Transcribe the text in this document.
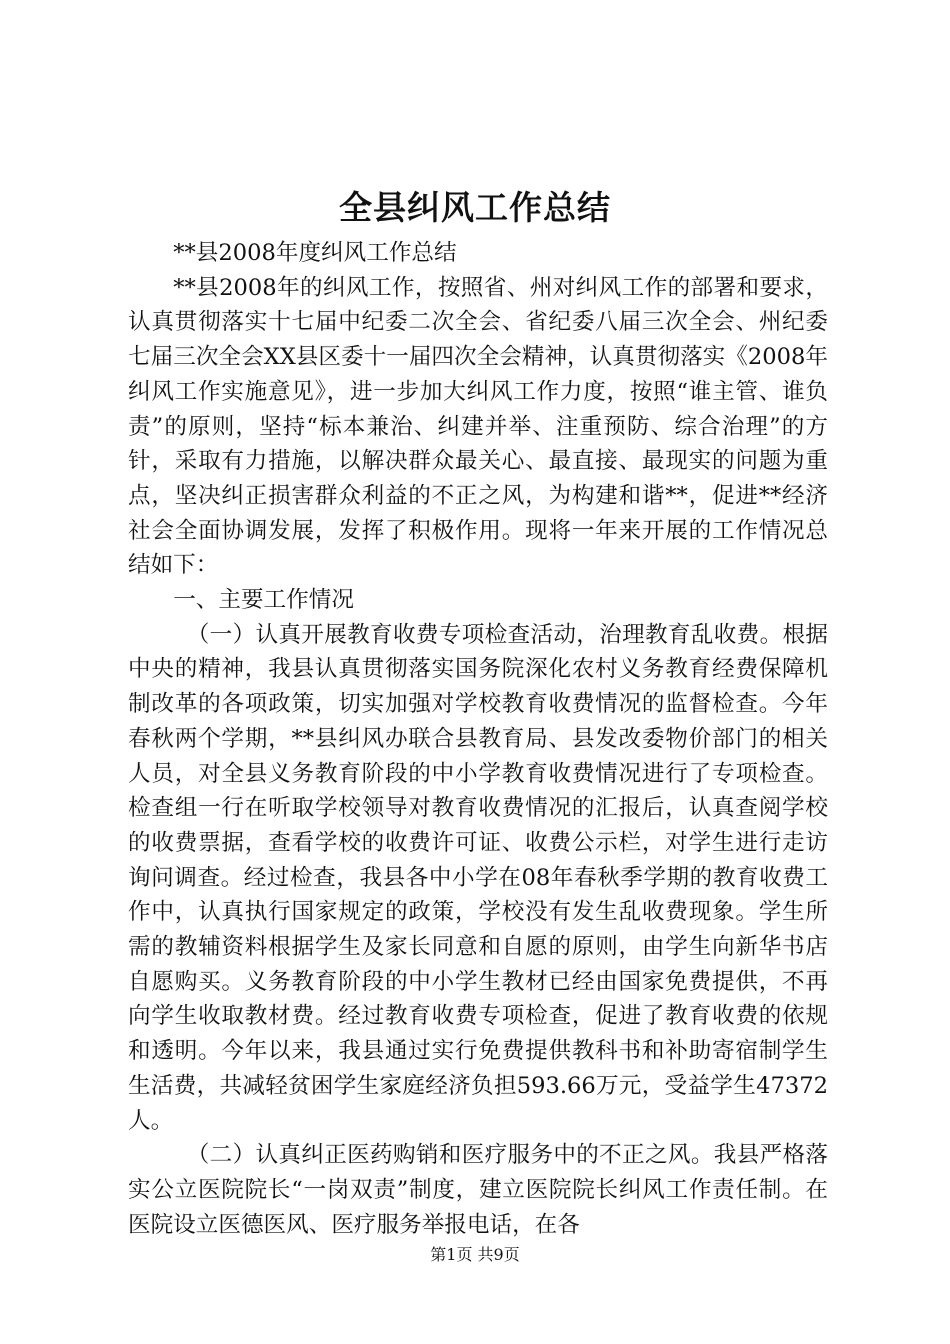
全县纠风工作总结

**县2008年度纠风工作总结

**县2008年的纠风工作，按照省、州对纠风工作的部署和要求，认真贯彻落实十七届中纪委二次全会、省纪委八届三次全会、州纪委七届三次全会XX县区委十一届四次全会精神，认真贯彻落实《2008年纠风工作实施意见》，进一步加大纠风工作力度，按照“谁主管、谁负责”的原则，坚持“标本兼治、纠建并举、注重预防、综合治理”的方针，采取有力措施，以解决群众最关心、最直接、最现实的问题为重点，坚决纠正损害群众利益的不正之风，为构建和谐**，促进**经济社会全面协调发展，发挥了积极作用。现将一年来开展的工作情况总结如下：

一、主要工作情况

（一）认真开展教育收费专项检查活动，治理教育乱收费。根据中央的精神，我县认真贯彻落实国务院深化农村义务教育经费保障机制改革的各项政策，切实加强对学校教育收费情况的监督检查。今年春秋两个学期，**县纠风办联合县教育局、县发改委物价部门的相关人员，对全县义务教育阶段的中小学教育收费情况进行了专项检查。检查组一行在听取学校领导对教育收费情况的汇报后，认真查阅学校的收费票据，查看学校的收费许可证、收费公示栏，对学生进行走访询问调查。经过检查，我县各中小学在08年春秋季学期的教育收费工作中，认真执行国家规定的政策，学校没有发生乱收费现象。学生所需的教辅资料根据学生及家长同意和自愿的原则，由学生向新华书店自愿购买。义务教育阶段的中小学生教材已经由国家免费提供，不再向学生收取教材费。经过教育收费专项检查，促进了教育收费的依规和透明。今年以来，我县通过实行免费提供教科书和补助寄宿制学生生活费，共减轻贫困学生家庭经济负担593.66万元，受益学生47372人。

（二）认真纠正医药购销和医疗服务中的不正之风。我县严格落实公立医院院长“一岗双责”制度，建立医院院长纠风工作责任制。在医院设立医德医风、医疗服务举报电话，在各

第1页 共9页
